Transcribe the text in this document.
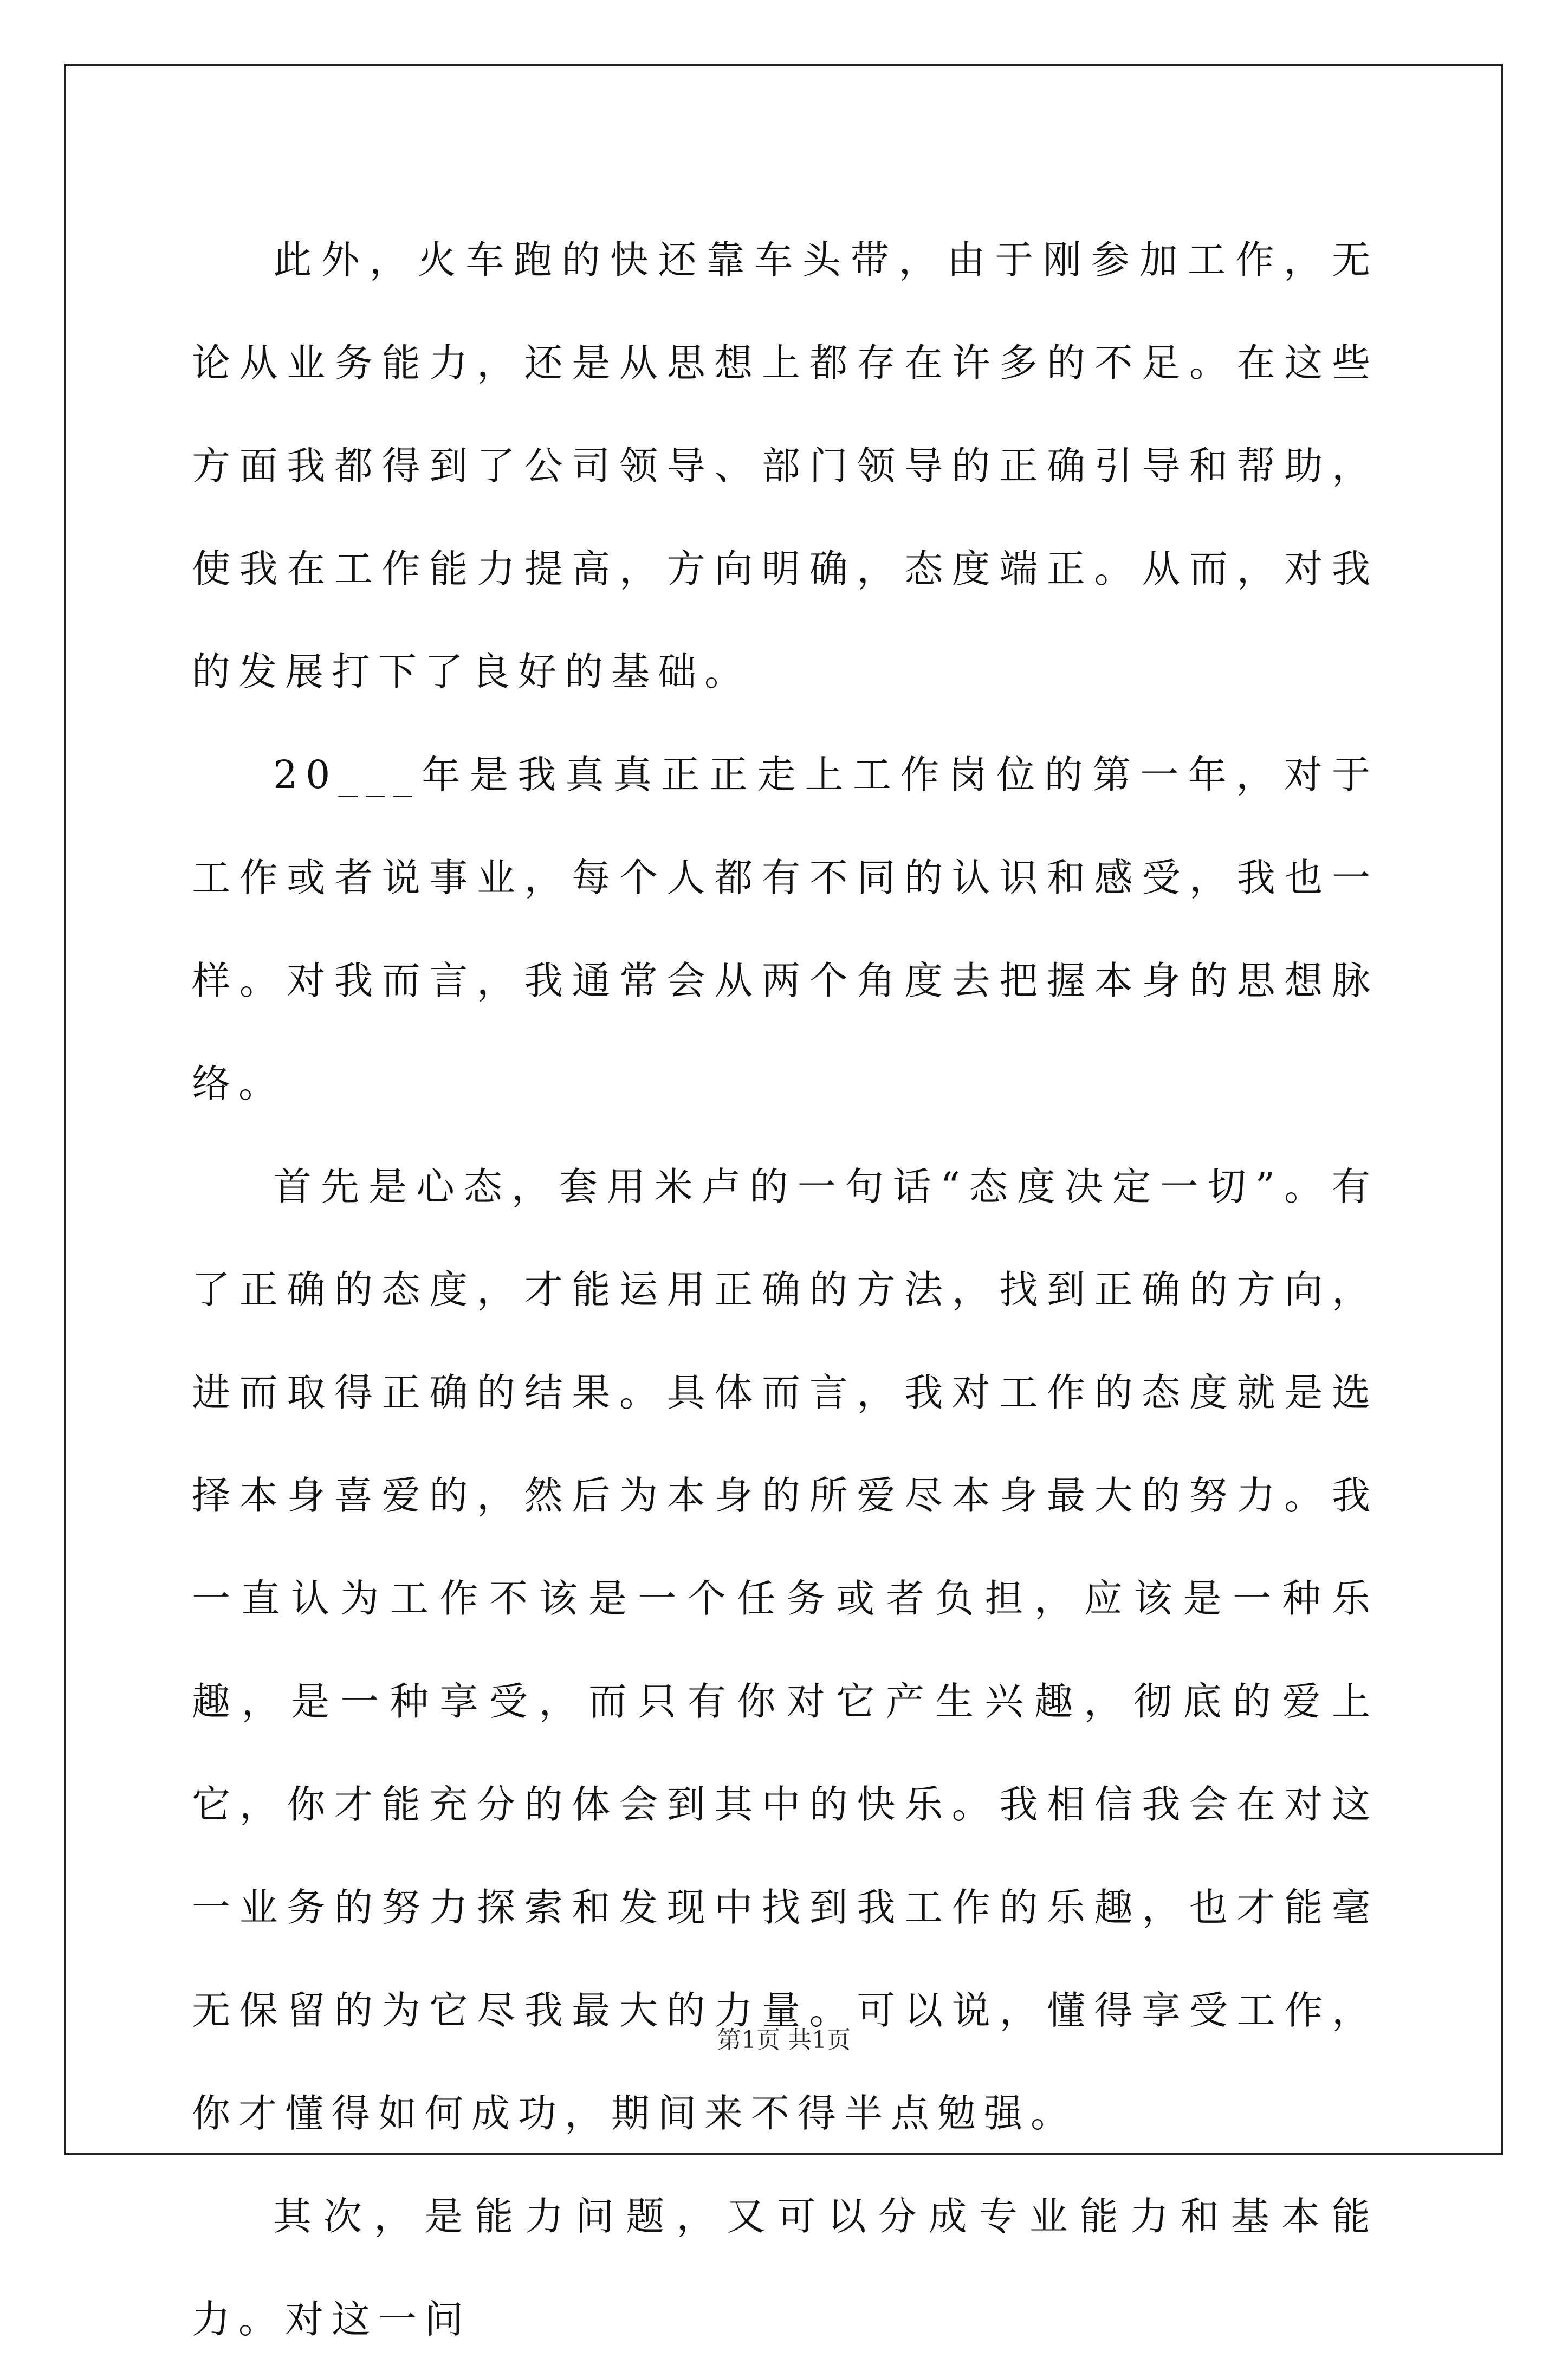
此外，火车跑的快还靠车头带，由于刚参加工作，无论从业务能力，还是从思想上都存在许多的不足。在这些方面我都得到了公司领导、部门领导的正确引导和帮助，使我在工作能力提高，方向明确，态度端正。从而，对我的发展打下了良好的基础。

20___年是我真真正正走上工作岗位的第一年，对于工作或者说事业，每个人都有不同的认识和感受，我也一样。对我而言，我通常会从两个角度去把握本身的思想脉络。

首先是心态，套用米卢的一句话“态度决定一切”。有了正确的态度，才能运用正确的方法，找到正确的方向，进而取得正确的结果。具体而言，我对工作的态度就是选择本身喜爱的，然后为本身的所爱尽本身最大的努力。我一直认为工作不该是一个任务或者负担，应该是一种乐趣，是一种享受，而只有你对它产生兴趣，彻底的爱上它，你才能充分的体会到其中的快乐。我相信我会在对这一业务的努力探索和发现中找到我工作的乐趣，也才能毫无保留的为它尽我最大的力量。可以说，懂得享受工作，你才懂得如何成功，期间来不得半点勉强。

其次，是能力问题，又可以分成专业能力和基本能力。对这一问

第1页 共1页
